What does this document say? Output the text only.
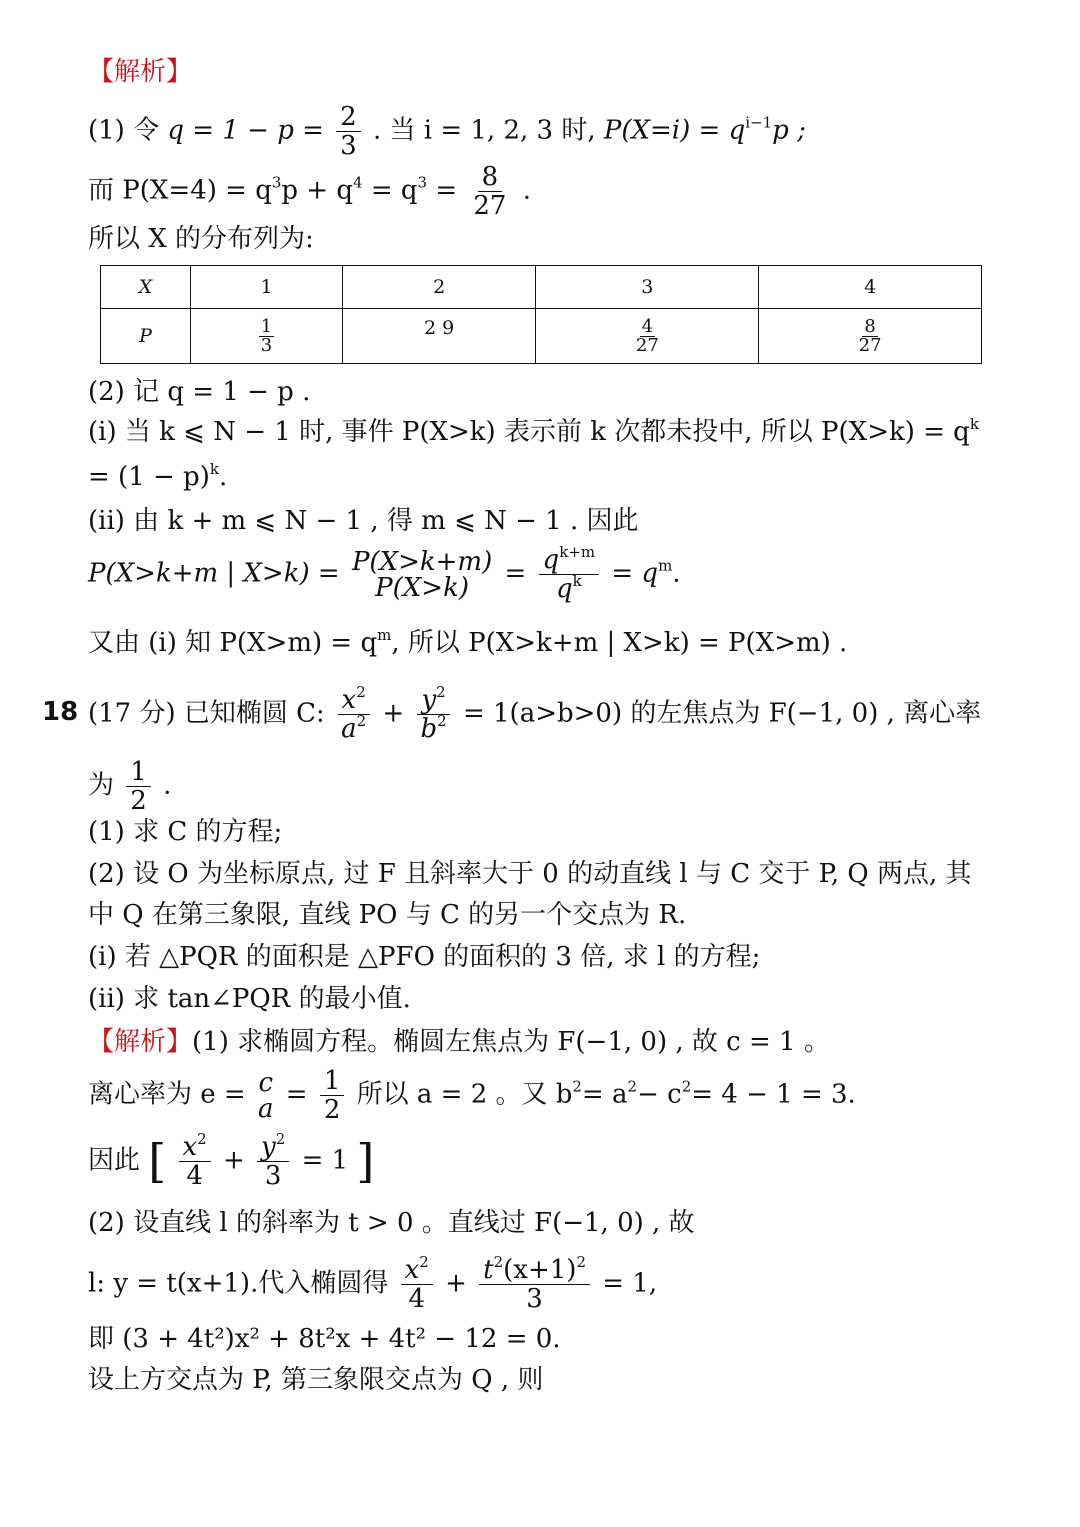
【解析】
(1) 令 $q = 1 - p = \frac{2}{3}$ . 当 i = 1, 2, 3 时, $P(X=i) = q^{i-1}p$ ;
而 $P(X=4) = q^3p + q^4 = q^3 = \frac{8}{27}$ .
所以 X 的分布列为:
X	1	2	3	4
P	$\frac{1}{3}$	2 9	$\frac{4}{27}$	$\frac{8}{27}$
(2) 记 q = 1 − p .
(i) 当 k ⩽ N − 1 时, 事件 P(X>k) 表示前 k 次都未投中, 所以 $P(X>k) = q^k$
= $(1 - p)^k$.
(ii) 由 k + m ⩽ N − 1 , 得 m ⩽ N − 1 . 因此
P(X>k+m | X>k) = P(X>k+m)
$P(X>k) = \frac{q^{k+m}}{q^k} = q^m$.
又由 (i) 知 $P(X>m) = q^m$, 所以 P(X>k+m | X>k) = P(X>m) .
18 (17 分) 已知椭圆 C: $\frac{x^2}{a^2} + \frac{y^2}{b^2} = 1(a>b>0)$ 的左焦点为 F(−1, 0) , 离心率
为 $\frac{1}{2}$ .
(1) 求 C 的方程;
(2) 设 O 为坐标原点, 过 F 且斜率大于 0 的动直线 l 与 C 交于 P, Q 两点, 其
中 Q 在第三象限, 直线 PO 与 C 的另一个交点为 R.
(i) 若 △PQR 的面积是 △PFO 的面积的 3 倍, 求 l 的方程;
(ii) 求 tan∠PQR 的最小值.
【解析】(1) 求椭圆方程。椭圆左焦点为 F(−1, 0) , 故 c = 1 。
离心率为 e = c
$a = \frac{1}{2}$ 所以 a = 2 。又 $b^2= a^2- c^2= 4 - 1 = 3$.
因此 [ $\frac{x^2}{4} + \frac{y^2}{3} = 1$ ]
(2) 设直线 l 的斜率为 t > 0 。直线过 F(−1, 0) , 故
l: y = t(x+1).代入椭圆得 $\frac{x^2}{4} + \frac{t^2(x+1)^2}{3} = 1$,
即 (3 + 4t²)x² + 8t²x + 4t² − 12 = 0.
设上方交点为 P, 第三象限交点为 Q , 则
